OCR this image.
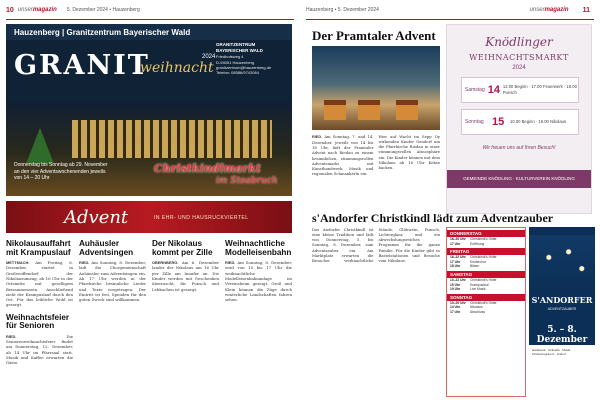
10 unsermagazin 5. Dezember 2024 • Hauzenberg
Hauzenberg | Granitzentrum Bayerischer Wald
GRANIT
weihnacht
2024
GRANITZENTRUM BAYERISCHER WALD
Friedhofsweg 4
D-94051 Hauzenberg
granitzentrum@hauzenberg.de
Telefon: 08586/9743064
Christkindlmarkt
im Stoabruch
Donnerstag bis Sonntag ab 29. November an den vier Adventswochenenden jeweils von 14 – 20 Uhr
Advent	IN EHR- UND HAUSRUCKVIERTEL
Nikolausauffahrt mit Krampuslauf

METTMACH. Am Freitag, 6. Dezember, startet in Großweiffendorf der Nikolausumzug, ab 16 Uhr in der Ortsmitte mit geselligem Beisammensein. Anschließend zieht der Krampuslauf durch den Ort. Für das leibliche Wohl ist gesorgt.

Weihnachtsfeier für Senioren

RIED.	Die Seniorenweihnachtsfeier findet am Donnerstag, 12. Dezember, ab 14 Uhr im Pfarrsaal statt. Musik und Kaffee erwarten die Gäste.

Auhäusler Adventsingen

RIED. Am Sonntag, 8. Dezember, lädt die Chorgemeinschaft Auhäusler zum Adventsingen ein. Ab 17 Uhr werden in der Pfarrkirche besinnliche Lieder und Texte vorgetragen. Der Eintritt ist frei, Spenden für den guten Zweck sind willkommen.

Der Nikolaus kommt per Zille

OBERNBERG. Am 6. Dezember landet der Nikolaus um 16 Uhr per Zille am Innufer an. Die Kinder werden mit Geschenken überrascht, für Punsch und Lebkuchen ist gesorgt.

Weihnachtliche Modelleisenbahn

RIED. Am Sonntag, 8. Dezember, wird von 10 bis 17 Uhr die weihnachtliche Modelleisenbahnanlage im Vereinsheim gezeigt. Groß und Klein können die Züge durch winterliche Landschaften fahren sehen.

Hauzenberg • 5. Dezember 2024	unsermagazin 11
Der Pramtaler Advent

RIED. Am Sonntag, 7. und 14. Dezember, jeweils von 14 bis 18 Uhr, lädt der Pramtaler Advent nach Riedau zu einem besinnlichen, stimmungsvollen Adventsmarkt mit Kunsthandwerk, Musik und regionalen Schmankerln ein.

Hier auf Wacht im Sepp Oy wirkenden Kinder Gendorf um die Pfarrkirche Riedau in einer stimmungsvollen Atmosphäre ein. Die Kinder können mit dem Nikolaus ab 16 Uhr Kekse backen.

Knödlinger
WEIHNACHTSMARKT
2024
Samstag 14 12.00 Beginn · 17.00 Feuerwerk · 18.00 Punsch
Sonntag 15	10.00 Beginn · 16.00 Nikolaus
Wir freuen uns auf Ihren Besuch!
GEMEINDE KNÖDLING · KULTURVEREIN KNÖDLING
s'Andorfer Christkindl lädt zum Adventzauber

Das Andorfer Christkindl ist eine kleine Tradition und lädt von Donnerstag, 5. bis Sonntag, 8. Dezember, zum Adventzauber ein. Am Marktplatz erwarten die Besucher weihnachtliche Stände, Glühwein, Punsch, Lichterglanz und ein abwechslungsreiches Programm für die ganze Familie. Für die Kinder gibt es Bastelstationen und Besuche vom Nikolaus.

DONNERSTAG
16–20 Uhr	Christkindl's Hütte
17 Uhr	Eröffnung
FREITAG
16–22 Uhr	Christkindl's Hütte
17 Uhr	Kinderchor
18 Uhr	Bläser
SAMSTAG
10–22 Uhr	Christkindl's Hütte
15 Uhr	Krampuslauf
19 Uhr	Live Musik
SONNTAG
10–20 Uhr	Christkindl's Hütte
14 Uhr	Nikolaus
17 Uhr	Abschluss
S'ANDORFER
ADVENTZAUBER
5. – 8. Dezember
Handwerk · Kulinarik · Musik · Kinderprogramm · Andorf
